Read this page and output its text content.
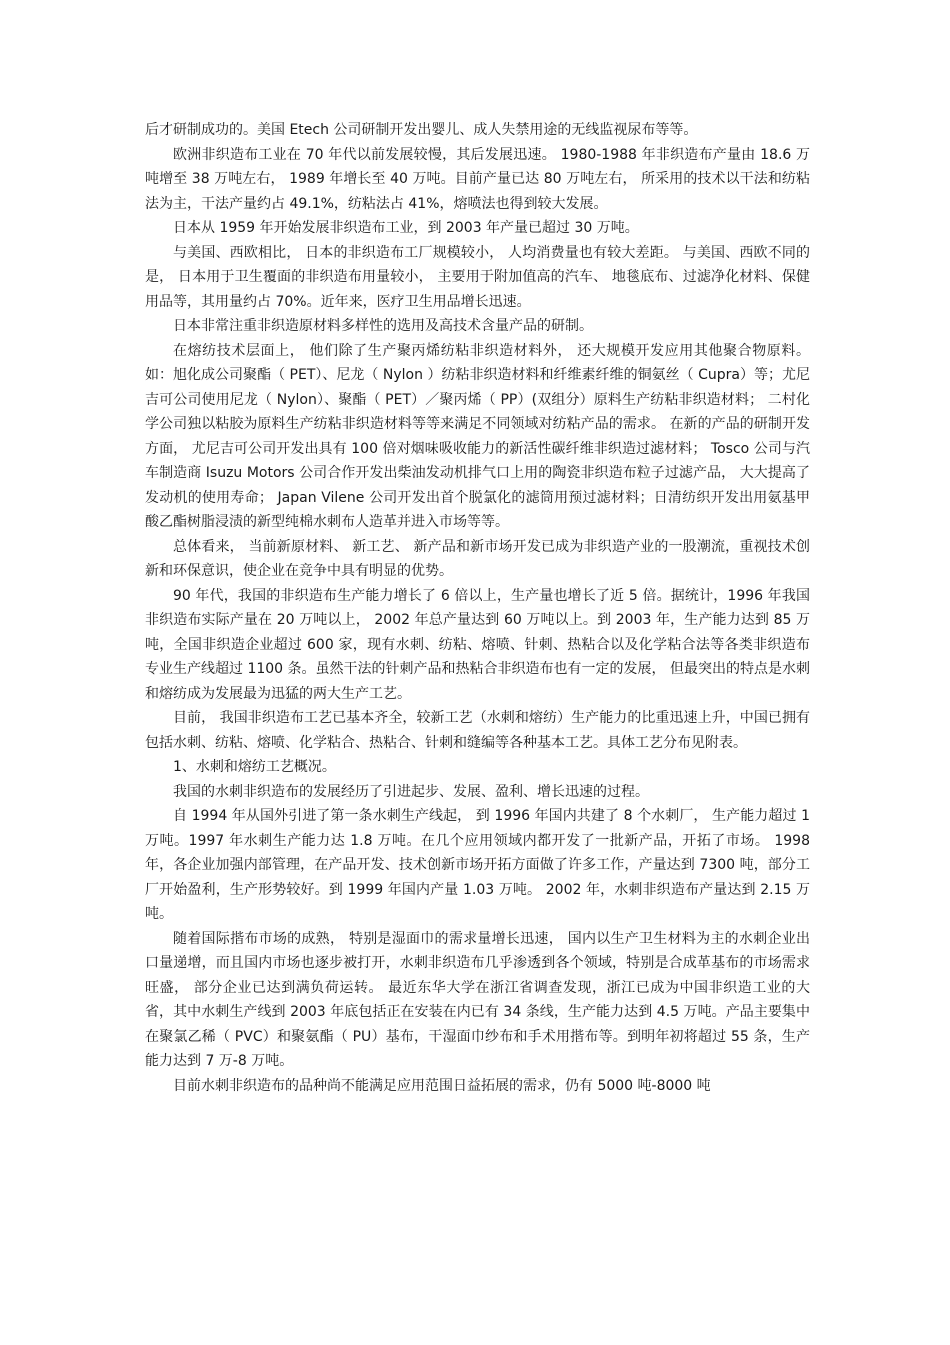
后才研制成功的。美国 Etech 公司研制开发出婴儿、成人失禁用途的无线监视尿布等等。

欧洲非织造布工业在 70 年代以前发展较慢，其后发展迅速。 1980-1988 年非织造布产量由 18.6 万吨增至 38 万吨左右， 1989 年增长至 40 万吨。目前产量已达 80 万吨左右， 所采用的技术以干法和纺粘法为主，干法产量约占 49.1%，纺粘法占 41%，熔喷法也得到较大发展。

日本从 1959 年开始发展非织造布工业，到 2003 年产量已超过 30 万吨。

与美国、西欧相比， 日本的非织造布工厂规模较小， 人均消费量也有较大差距。 与美国、西欧不同的是， 日本用于卫生覆面的非织造布用量较小， 主要用于附加值高的汽车、 地毯底布、过滤净化材料、保健用品等，其用量约占 70%。近年来，医疗卫生用品增长迅速。

日本非常注重非织造原材料多样性的选用及高技术含量产品的研制。

在熔纺技术层面上， 他们除了生产聚丙烯纺粘非织造材料外， 还大规模开发应用其他聚合物原料。如：旭化成公司聚酯（ PET）、尼龙（ Nylon ）纺粘非织造材料和纤维素纤维的铜氨丝（ Cupra）等；尤尼吉可公司使用尼龙（ Nylon）、聚酯（ PET）／聚丙烯（ PP）(双组分）原料生产纺粘非织造材料； 二村化学公司独以粘胶为原料生产纺粘非织造材料等等来满足不同领域对纺粘产品的需求。 在新的产品的研制开发方面， 尤尼吉可公司开发出具有 100 倍对烟味吸收能力的新活性碳纤维非织造过滤材料； Tosco 公司与汽车制造商 Isuzu Motors 公司合作开发出柴油发动机排气口上用的陶瓷非织造布粒子过滤产品， 大大提高了发动机的使用寿命； Japan Vilene 公司开发出首个脱氯化的滤筒用预过滤材料；日清纺织开发出用氨基甲酸乙酯树脂浸渍的新型纯棉水刺布人造革并进入市场等等。

总体看来， 当前新原材料、 新工艺、 新产品和新市场开发已成为非织造产业的一股潮流，重视技术创新和环保意识，使企业在竞争中具有明显的优势。

90 年代，我国的非织造布生产能力增长了 6 倍以上，生产量也增长了近 5 倍。据统计，1996 年我国非织造布实际产量在 20 万吨以上， 2002 年总产量达到 60 万吨以上。到 2003 年，生产能力达到 85 万吨，全国非织造企业超过 600 家，现有水刺、纺粘、熔喷、针刺、热粘合以及化学粘合法等各类非织造布专业生产线超过 1100 条。虽然干法的针刺产品和热粘合非织造布也有一定的发展， 但最突出的特点是水刺和熔纺成为发展最为迅猛的两大生产工艺。

目前， 我国非织造布工艺已基本齐全，较新工艺（水刺和熔纺）生产能力的比重迅速上升，中国已拥有包括水刺、纺粘、熔喷、化学粘合、热粘合、针刺和缝编等各种基本工艺。具体工艺分布见附表。

1、水刺和熔纺工艺概况。

我国的水刺非织造布的发展经历了引进起步、发展、盈利、增长迅速的过程。

自 1994 年从国外引进了第一条水刺生产线起， 到 1996 年国内共建了 8 个水刺厂， 生产能力超过 1 万吨。1997 年水刺生产能力达 1.8 万吨。在几个应用领域内都开发了一批新产品，开拓了市场。 1998 年，各企业加强内部管理，在产品开发、技术创新市场开拓方面做了许多工作，产量达到 7300 吨，部分工厂开始盈利，生产形势较好。到 1999 年国内产量 1.03 万吨。 2002 年，水刺非织造布产量达到 2.15 万吨。

随着国际揩布市场的成熟， 特别是湿面巾的需求量增长迅速， 国内以生产卫生材料为主的水刺企业出口量递增，而且国内市场也逐步被打开，水刺非织造布几乎渗透到各个领域，特别是合成革基布的市场需求旺盛， 部分企业已达到满负荷运转。 最近东华大学在浙江省调查发现，浙江已成为中国非织造工业的大省，其中水刺生产线到 2003 年底包括正在安装在内已有 34 条线，生产能力达到 4.5 万吨。产品主要集中在聚氯乙稀（ PVC）和聚氨酯（ PU）基布，干湿面巾纱布和手术用揩布等。到明年初将超过 55 条，生产能力达到 7 万-8 万吨。

目前水刺非织造布的品种尚不能满足应用范围日益拓展的需求，仍有 5000 吨-8000 吨
